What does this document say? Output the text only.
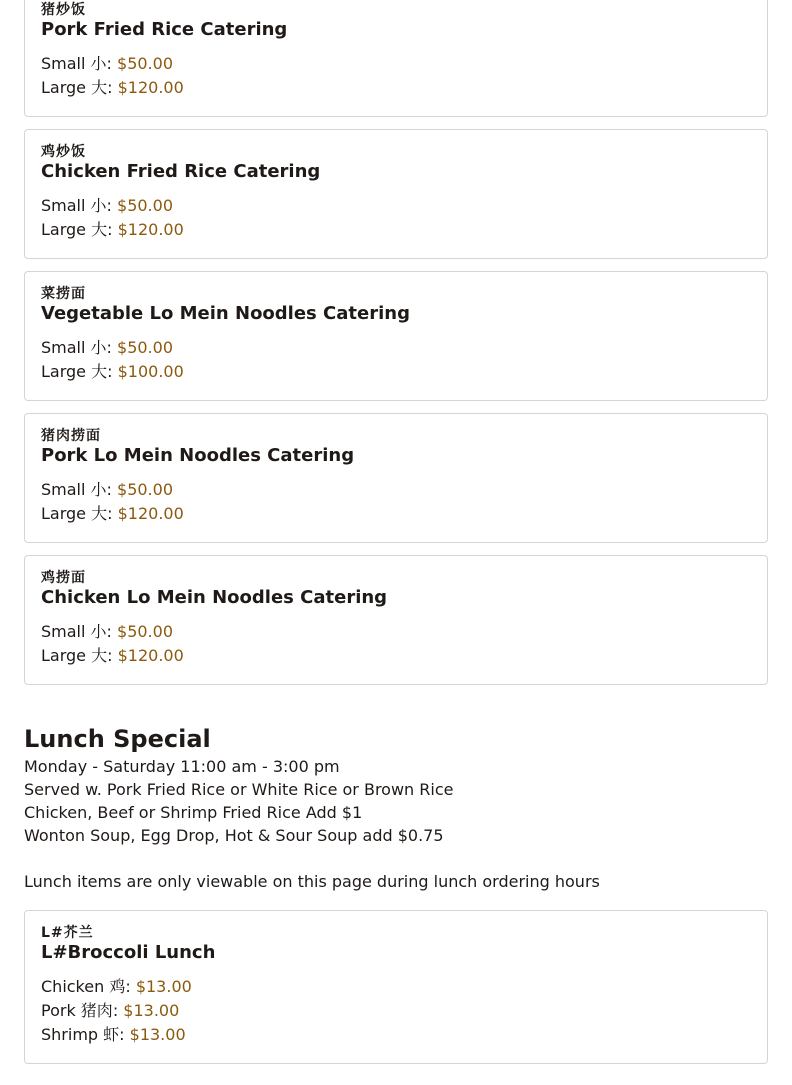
猪炒饭
Pork Fried Rice Catering
Small 小: $50.00
Large 大: $120.00
鸡炒饭
Chicken Fried Rice Catering
Small 小: $50.00
Large 大: $120.00
菜捞面
Vegetable Lo Mein Noodles Catering
Small 小: $50.00
Large 大: $100.00
猪肉捞面
Pork Lo Mein Noodles Catering
Small 小: $50.00
Large 大: $120.00
鸡捞面
Chicken Lo Mein Noodles Catering
Small 小: $50.00
Large 大: $120.00
Lunch Special
Monday - Saturday 11:00 am - 3:00 pm
Served w. Pork Fried Rice or White Rice or Brown Rice
Chicken, Beef or Shrimp Fried Rice Add $1
Wonton Soup, Egg Drop, Hot & Sour Soup add $0.75
Lunch items are only viewable on this page during lunch ordering hours
L#芥兰
L#Broccoli Lunch
Chicken 鸡: $13.00
Pork 猪肉: $13.00
Shrimp 虾: $13.00
